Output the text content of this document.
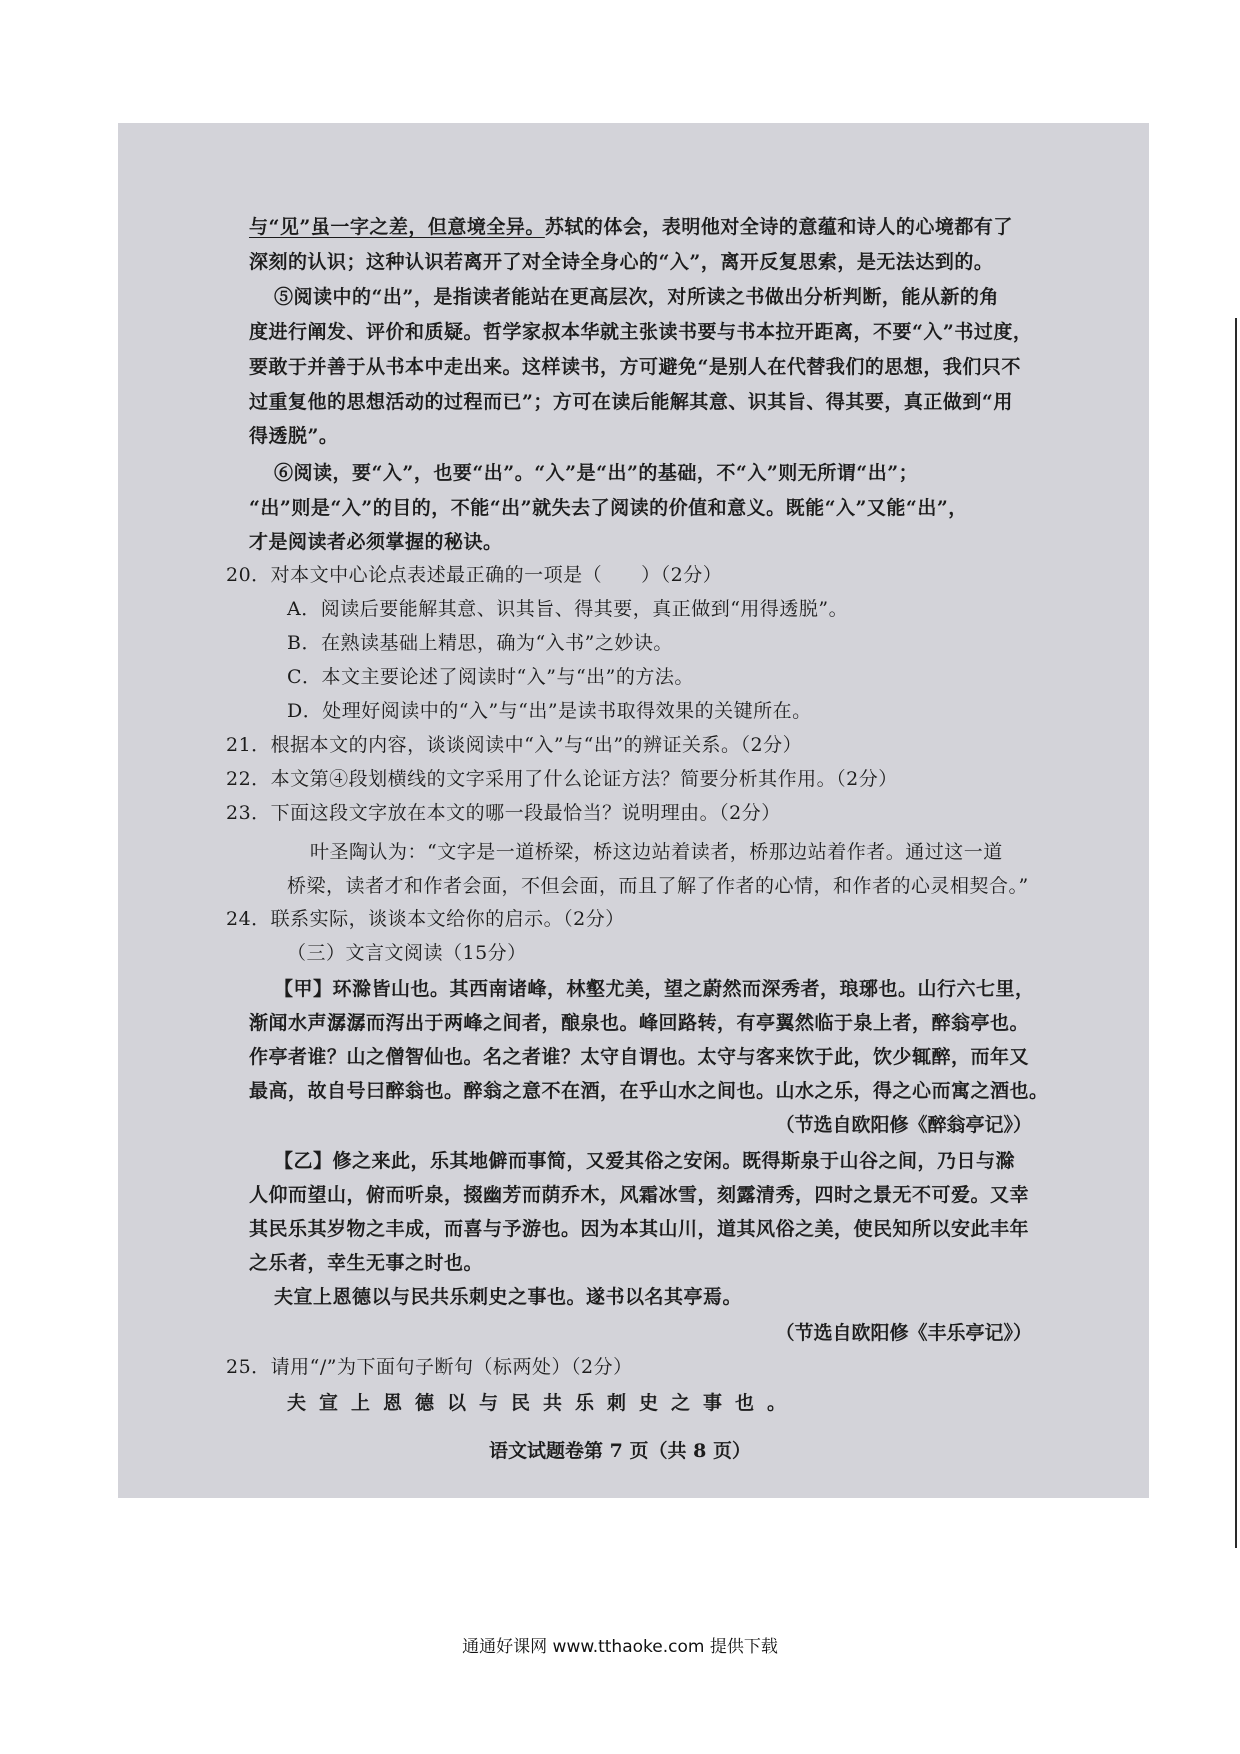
与“见”虽一字之差，但意境全异。苏轼的体会，表明他对全诗的意蕴和诗人的心境都有了
深刻的认识；这种认识若离开了对全诗全身心的“入”，离开反复思索，是无法达到的。
⑤阅读中的“出”，是指读者能站在更高层次，对所读之书做出分析判断，能从新的角
度进行阐发、评价和质疑。哲学家叔本华就主张读书要与书本拉开距离，不要“入”书过度，
要敢于并善于从书本中走出来。这样读书，方可避免“是别人在代替我们的思想，我们只不
过重复他的思想活动的过程而已”；方可在读后能解其意、识其旨、得其要，真正做到“用
得透脱”。
⑥阅读，要“入”，也要“出”。“入”是“出”的基础，不“入”则无所谓“出”；
“出”则是“入”的目的，不能“出”就失去了阅读的价值和意义。既能“入”又能“出”，
才是阅读者必须掌握的秘诀。
20．对本文中心论点表述最正确的一项是（　　）（2分）
A．阅读后要能解其意、识其旨、得其要，真正做到“用得透脱”。
B．在熟读基础上精思，确为“入书”之妙诀。
C．本文主要论述了阅读时“入”与“出”的方法。
D．处理好阅读中的“入”与“出”是读书取得效果的关键所在。
21．根据本文的内容，谈谈阅读中“入”与“出”的辨证关系。（2分）
22．本文第④段划横线的文字采用了什么论证方法？简要分析其作用。（2分）
23．下面这段文字放在本文的哪一段最恰当？说明理由。（2分）
叶圣陶认为：“文字是一道桥梁，桥这边站着读者，桥那边站着作者。通过这一道
桥梁，读者才和作者会面，不但会面，而且了解了作者的心情，和作者的心灵相契合。”
24．联系实际，谈谈本文给你的启示。（2分）
（三）文言文阅读（15分）
【甲】环滁皆山也。其西南诸峰，林壑尤美，望之蔚然而深秀者，琅琊也。山行六七里，
渐闻水声潺潺而泻出于两峰之间者，酿泉也。峰回路转，有亭翼然临于泉上者，醉翁亭也。
作亭者谁？山之僧智仙也。名之者谁？太守自谓也。太守与客来饮于此，饮少辄醉，而年又
最高，故自号曰醉翁也。醉翁之意不在酒，在乎山水之间也。山水之乐，得之心而寓之酒也。
（节选自欧阳修《醉翁亭记》）
【乙】修之来此，乐其地僻而事简，又爱其俗之安闲。既得斯泉于山谷之间，乃日与滁
人仰而望山，俯而听泉，掇幽芳而荫乔木，风霜冰雪，刻露清秀，四时之景无不可爱。又幸
其民乐其岁物之丰成，而喜与予游也。因为本其山川，道其风俗之美，使民知所以安此丰年
之乐者，幸生无事之时也。
夫宣上恩德以与民共乐刺史之事也。遂书以名其亭焉。
（节选自欧阳修《丰乐亭记》）
25．请用“/”为下面句子断句（标两处）（2分）
夫宣上恩德以与民共乐刺史之事也。
语文试题卷第 7 页（共 8 页）
通通好课网 www.tthaoke.com 提供下载
